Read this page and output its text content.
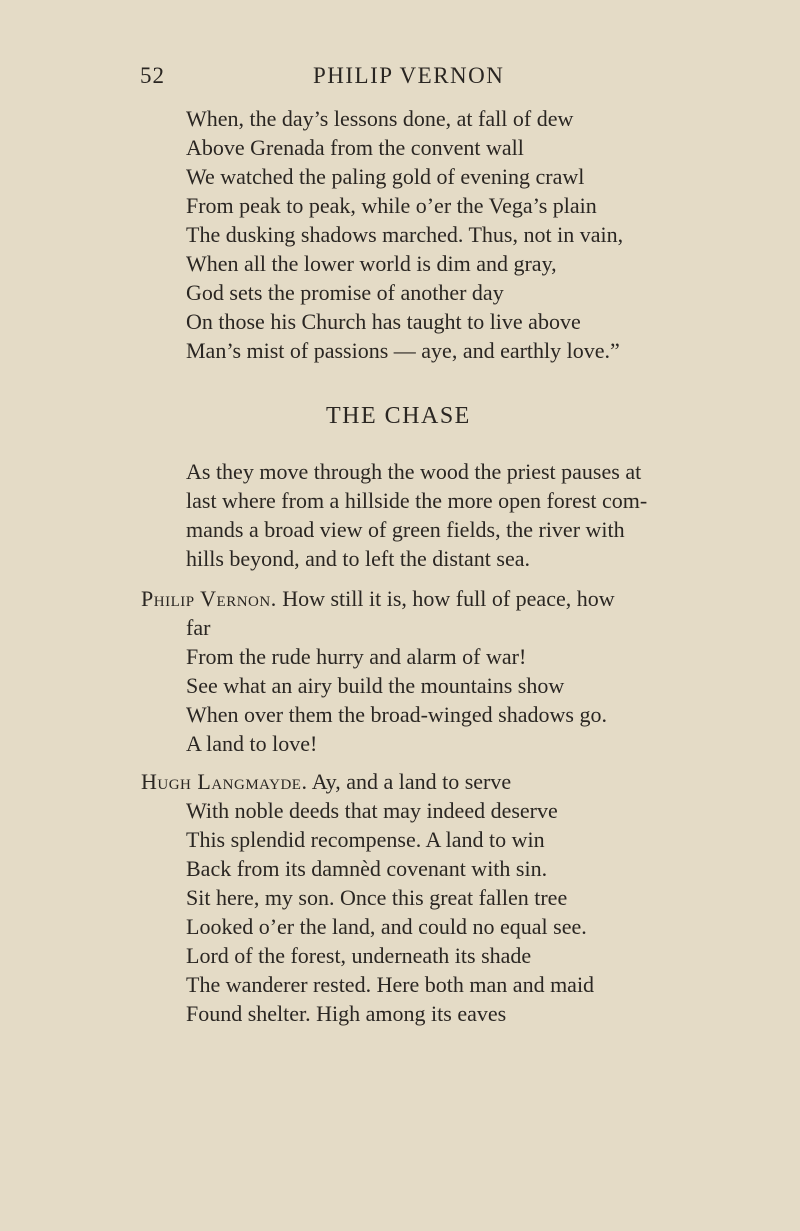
52	PHILIP VERNON
When, the day’s lessons done, at fall of dew
Above Grenada from the convent wall
We watched the paling gold of evening crawl
From peak to peak, while o’er the Vega’s plain
The dusking shadows marched. Thus, not in vain,
When all the lower world is dim and gray,
God sets the promise of another day
On those his Church has taught to live above
Man’s mist of passions — aye, and earthly love.”
THE CHASE
As they move through the wood the priest pauses at
last where from a hillside the more open forest com-
mands a broad view of green fields, the river with
hills beyond, and to left the distant sea.
Philip Vernon. How still it is, how full of peace, how
far
From the rude hurry and alarm of war!
See what an airy build the mountains show
When over them the broad-winged shadows go.
A land to love!
Hugh Langmayde. Ay, and a land to serve
With noble deeds that may indeed deserve
This splendid recompense. A land to win
Back from its damnèd covenant with sin.
Sit here, my son. Once this great fallen tree
Looked o’er the land, and could no equal see.
Lord of the forest, underneath its shade
The wanderer rested. Here both man and maid
Found shelter. High among its eaves
